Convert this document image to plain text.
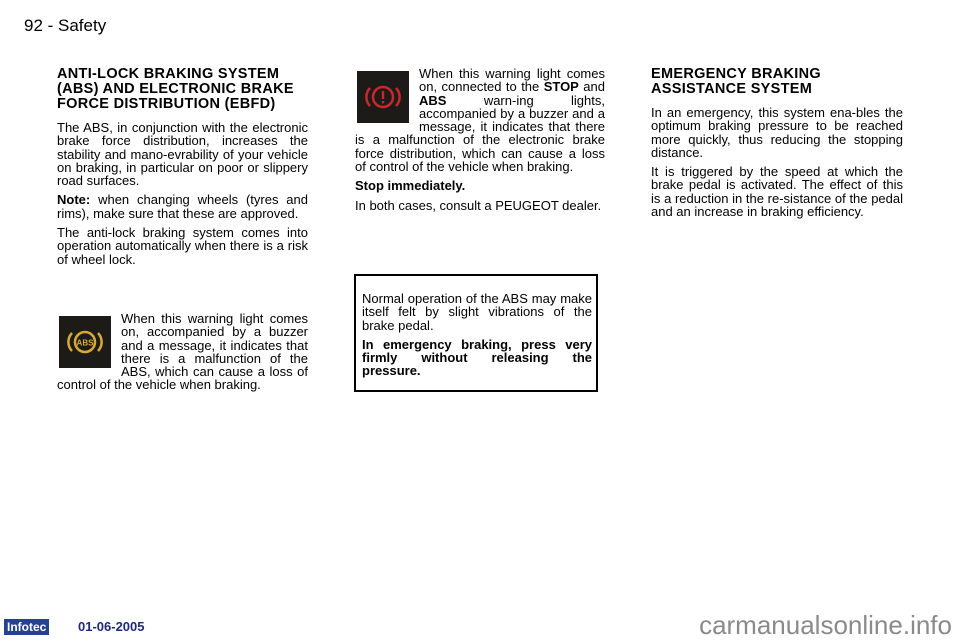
92 - Safety
ANTI-LOCK BRAKING SYSTEM (ABS) AND ELECTRONIC BRAKE FORCE DISTRIBUTION (EBFD)

The ABS, in conjunction with the electronic brake force distribution, increases the stability and mano-evrability of your vehicle on braking, in particular on poor or slippery road surfaces.

Note: when changing wheels (tyres and rims), make sure that these are approved.

The anti-lock braking system comes into operation automatically when there is a risk of wheel lock.

ABS
When this warning light comes on, accompanied by a buzzer and a message, it indicates that there is a malfunction of the ABS, which can cause a loss of control of the vehicle when braking.

When this warning light comes on, connected to the STOP and ABS warn-ing lights, accompanied by a buzzer and a message, it indicates that there is a malfunction of the electronic brake force distribution, which can cause a loss of control of the vehicle when braking.

Stop immediately.

In both cases, consult a PEUGEOT dealer.

Normal operation of the ABS may make itself felt by slight vibrations of the brake pedal.

In emergency braking, press very firmly without releasing the pressure.

EMERGENCY BRAKING ASSISTANCE SYSTEM

In an emergency, this system ena-bles the optimum braking pressure to be reached more quickly, thus reducing the stopping distance.

It is triggered by the speed at which the brake pedal is activated. The effect of this is a reduction in the re-sistance of the pedal and an increase in braking efficiency.

Infotec 01-06-2005	carmanualsonline.info
